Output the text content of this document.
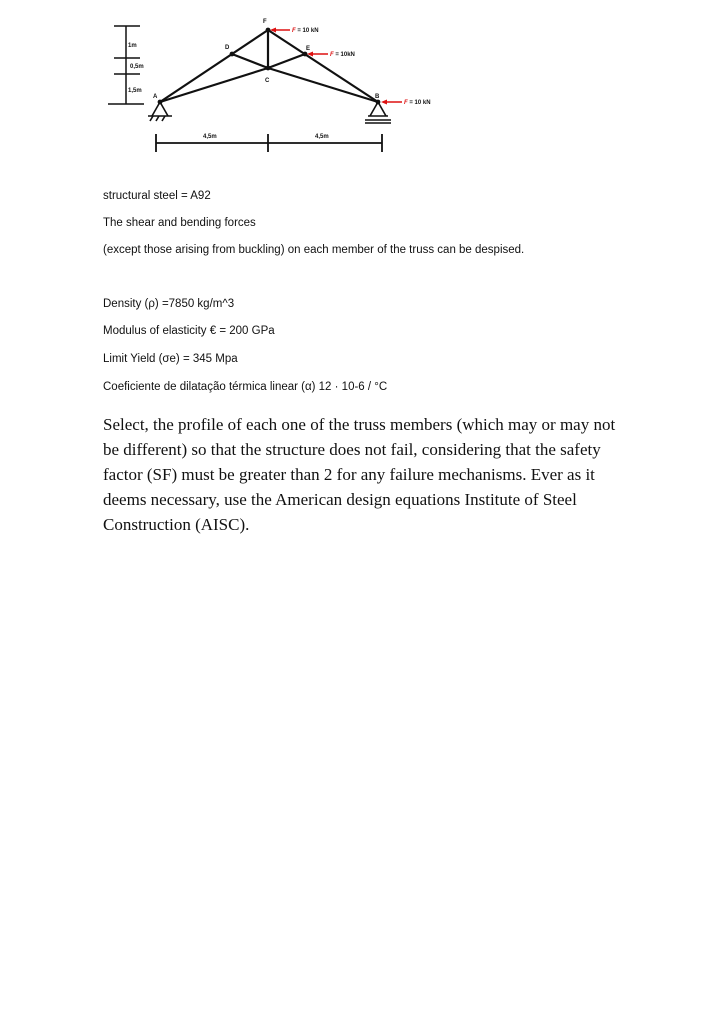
1m
0,5m
1,5m
F
D	E
C
A	B
F = 10 kN
F = 10kN
F = 10 kN
4,5m	4,5m
structural steel = A92
The shear and bending forces
(except those arising from buckling) on each member of the truss can be despised.
Density (ρ) =7850 kg/m^3
Modulus of elasticity € = 200 GPa
Limit Yield (σe) = 345 Mpa
Coeficiente de dilatação térmica linear (α) 12 · 10-6 / °C

Select, the profile of each one of the truss members (which may or may not be different) so that the structure does not fail, considering that the safety factor (SF) must be greater than 2 for any failure mechanisms. Ever as it deems necessary, use the American design equations Institute of Steel Construction (AISC).
